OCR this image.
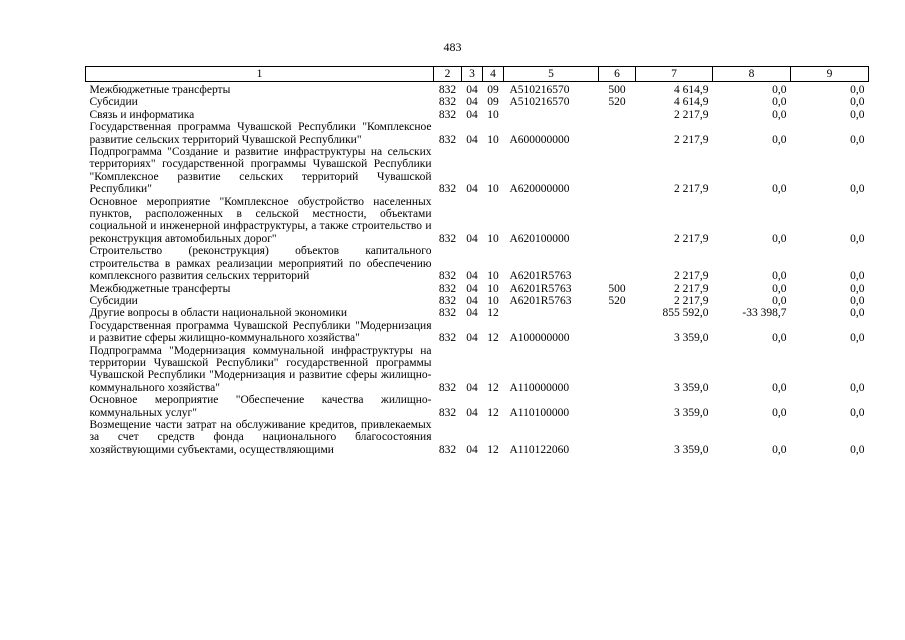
483
1	2	3	4	5	6	7	8	9
Межбюджетные трансферты	832	04	09	А510216570	500	4 614,9	0,0	0,0
Субсидии	832	04	09	А510216570	520	4 614,9	0,0	0,0
Связь и информатика	832	04	10			2 217,9	0,0	0,0
Государственная программа Чувашской Республики "Комплексное развитие сельских территорий Чувашской Республики"	832	04	10	А600000000		2 217,9	0,0	0,0
Подпрограмма "Создание и развитие инфраструктуры на сельских территориях" государственной программы Чувашской Республики "Комплексное развитие сельских территорий Чувашской Республики"	832	04	10	А620000000		2 217,9	0,0	0,0
Основное мероприятие "Комплексное обустройство населенных пунктов, расположенных в сельской местности, объектами социальной и инженерной инфраструктуры, а также строительство и реконструкция автомобильных дорог"	832	04	10	А620100000		2 217,9	0,0	0,0
Строительство (реконструкция) объектов капитального строительства в рамках реализации мероприятий по обеспечению комплексного развития сельских территорий	832	04	10	А6201R5763		2 217,9	0,0	0,0
Межбюджетные трансферты	832	04	10	А6201R5763	500	2 217,9	0,0	0,0
Субсидии	832	04	10	А6201R5763	520	2 217,9	0,0	0,0
Другие вопросы в области национальной экономики	832	04	12			855 592,0	-33 398,7	0,0
Государственная программа Чувашской Республики "Модернизация и развитие сферы жилищно-коммунального хозяйства"	832	04	12	А100000000		3 359,0	0,0	0,0
Подпрограмма "Модернизация коммунальной инфраструктуры на территории Чувашской Республики" государственной программы Чувашской Республики "Модернизация и развитие сферы жилищно-коммунального хозяйства"	832	04	12	А110000000		3 359,0	0,0	0,0
Основное мероприятие "Обеспечение качества жилищно-коммунальных услуг"	832	04	12	А110100000		3 359,0	0,0	0,0
Возмещение части затрат на обслуживание кредитов, привлекаемых за счет средств фонда национального благосостояния хозяйствующими субъектами, осуществляющими	832	04	12	А110122060		3 359,0	0,0	0,0
